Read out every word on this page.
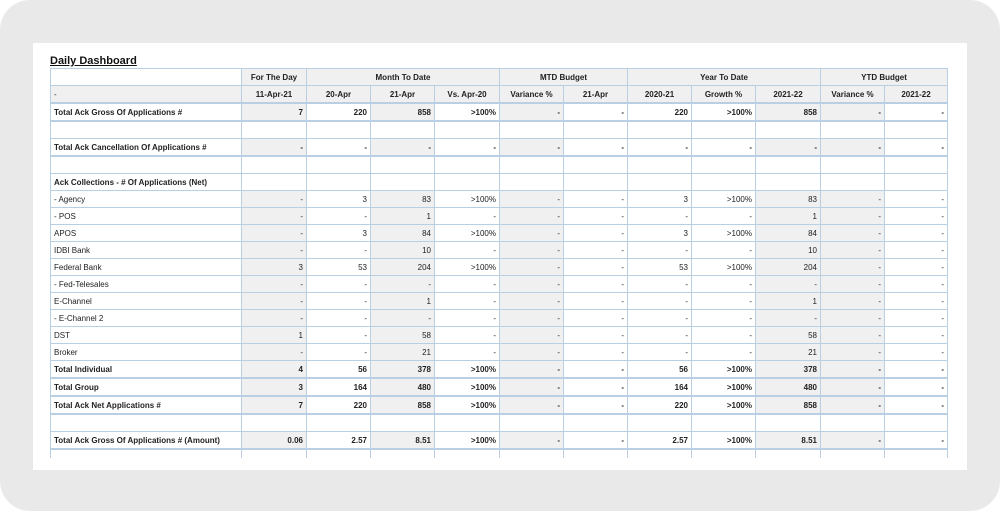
Daily Dashboard
	For The Day	Month To Date			MTD Budget		Year To Date			YTD Budget	
-	11-Apr-21	20-Apr	21-Apr	Vs. Apr-20	Variance %	21-Apr	2020-21	Growth %	2021-22	Variance %	2021-22
Total Ack Gross Of Applications #	7	220	858	>100%	-	-	220	>100%	858	-	-

Total Ack Cancellation Of Applications #	-	-	-	-	-	-	-	-	-	-	-

Ack Collections - # Of Applications (Net)											
- Agency	-	3	83	>100%	-	-	3	>100%	83	-	-
- POS	-	-	1	-	-	-	-	-	1	-	-
APOS	-	3	84	>100%	-	-	3	>100%	84	-	-
IDBI Bank	-	-	10	-	-	-	-	-	10	-	-
Federal Bank	3	53	204	>100%	-	-	53	>100%	204	-	-
- Fed-Telesales	-	-	-	-	-	-	-	-	-	-	-
E-Channel	-	-	1	-	-	-	-	-	1	-	-
- E-Channel 2	-	-	-	-	-	-	-	-	-	-	-
DST	1	-	58	-	-	-	-	-	58	-	-
Broker	-	-	21	-	-	-	-	-	21	-	-
Total Individual	4	56	378	>100%	-	-	56	>100%	378	-	-
Total Group	3	164	480	>100%	-	-	164	>100%	480	-	-
Total Ack Net Applications #	7	220	858	>100%	-	-	220	>100%	858	-	-

Total Ack Gross Of Applications # (Amount)	0.06	2.57	8.51	>100%	-	-	2.57	>100%	8.51	-	-
